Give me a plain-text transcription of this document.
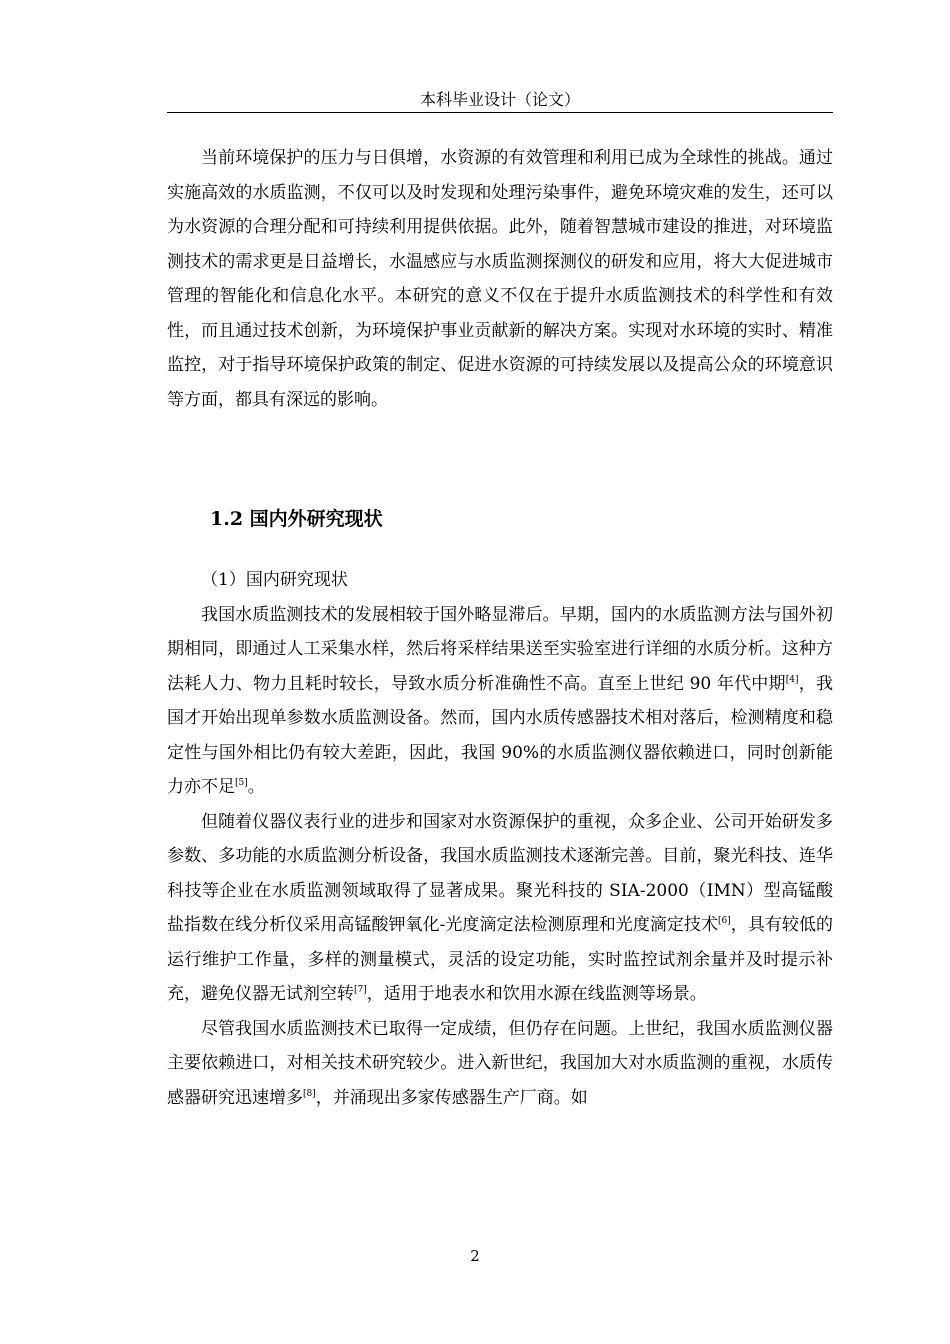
本科毕业设计（论文）

当前环境保护的压力与日俱增，水资源的有效管理和利用已成为全球性的挑战。通过实施高效的水质监测，不仅可以及时发现和处理污染事件，避免环境灾难的发生，还可以为水资源的合理分配和可持续利用提供依据。此外，随着智慧城市建设的推进，对环境监测技术的需求更是日益增长，水温感应与水质监测探测仪的研发和应用，将大大促进城市管理的智能化和信息化水平。本研究的意义不仅在于提升水质监测技术的科学性和有效性，而且通过技术创新，为环境保护事业贡献新的解决方案。实现对水环境的实时、精准监控，对于指导环境保护政策的制定、促进水资源的可持续发展以及提高公众的环境意识等方面，都具有深远的影响。

1.2 国内外研究现状

（1）国内研究现状

我国水质监测技术的发展相较于国外略显滞后。早期，国内的水质监测方法与国外初期相同，即通过人工采集水样，然后将采样结果送至实验室进行详细的水质分析。这种方法耗人力、物力且耗时较长，导致水质分析准确性不高。直至上世纪 90 年代中期[4]，我国才开始出现单参数水质监测设备。然而，国内水质传感器技术相对落后，检测精度和稳定性与国外相比仍有较大差距，因此，我国 90%的水质监测仪器依赖进口，同时创新能力亦不足[5]。

但随着仪器仪表行业的进步和国家对水资源保护的重视，众多企业、公司开始研发多参数、多功能的水质监测分析设备，我国水质监测技术逐渐完善。目前，聚光科技、连华科技等企业在水质监测领域取得了显著成果。聚光科技的 SIA-2000（IMN）型高锰酸盐指数在线分析仪采用高锰酸钾氧化-光度滴定法检测原理和光度滴定技术[6]，具有较低的运行维护工作量，多样的测量模式，灵活的设定功能，实时监控试剂余量并及时提示补充，避免仪器无试剂空转[7]，适用于地表水和饮用水源在线监测等场景。

尽管我国水质监测技术已取得一定成绩，但仍存在问题。上世纪，我国水质监测仪器主要依赖进口，对相关技术研究较少。进入新世纪，我国加大对水质监测的重视，水质传感器研究迅速增多[8]，并涌现出多家传感器生产厂商。如

2
